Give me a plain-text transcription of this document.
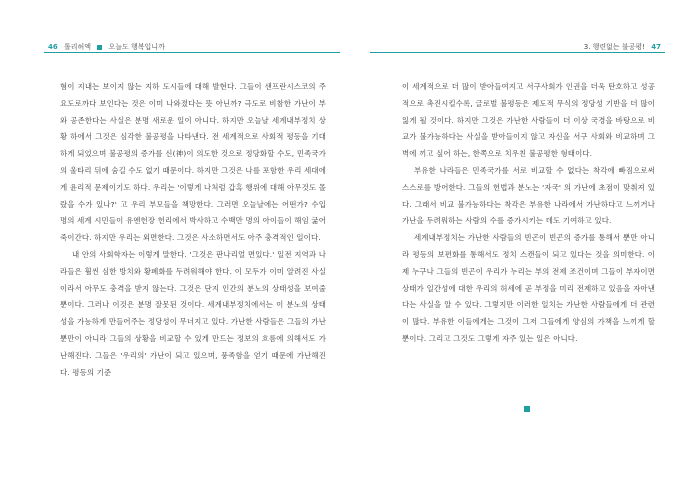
46 톨리허엑 오늘도 행복입니까	3. 행련없는 불공평! 47

혐이 지내는 보이지 않는 지하 도시들에 대해 발현다. 그들이 샌프란시스코의 주요도로까다 보인다는 것은 이미 나와졌다는 뜻 아닌까? 극도로 비참한 가난이 부와 공존한다는 사실은 분명 새로운 일이 아니다. 하지만 오늘날 세계내부정치 상황 하에서 그것은 심각한 불공평을 나타낸다. 전 세계적으로 사회적 평등을 기대하게 되었으며 불공평의 증가를 신(神)이 의도한 것으로 정당화할 수도, 민족국가의 울타리 뒤에 숨길 수도 없기 때문이다. 하지만 그것은 나를 포함한 우리 세대에게 윤리적 문제이기도 하다. 우리는 '이렇게 나처럼 갑흑 행위에 대해 아무것도 몰랐을 수가 있나?' 고 우리 부모들을 책망한다. 그러면 오늘날에는 어떤가? 수입 명의 세계 시민들이 유엔헌장 헌리에서 박사하고 수백만 명의 아이들이 해임 굶어 죽이간다. 하지만 우리는 외면한다. 그것은 사소하면서도 아주 충격적인 일이다.

내 안의 사회학자는 이렇게 말한다. '그것은 판나리얼 면있다.' 일전 지역과 나라들은 훨씬 심한 방치와 황폐화를 두려워해야 한다. 이 모두가 이미 알려진 사실이라서 아무도 충격을 받지 않는다. 그것은 단지 인간의 분노의 상태성을 보여줄 뿐이다. 그러나 이것은 분명 잘못된 것이다. 세계내부정치에서는 이 분노의 상태성을 가능하게 만들어주는 정당성이 무너지고 있다. 가난한 사람들은 그들의 가난뿐만이 아니라 그들의 상황을 비교할 수 있게 만드는 정보의 흐름에 의해서도 가난해진다. 그들은 '우리의' 가난이 되고 있으며, 풍족함을 얻기 때문에 가난해진다. 평등의 기준

이 세계적으로 더 많이 받아들여지고 서구사회가 인권을 더욱 탄호하고 성공적으로 촉진시킬수록, 글로벌 불평등은 제도적 무식의 정당성 기반을 더 많이 잃게 될 것이다. 하지만 그것은 가난한 사람들이 더 이상 국경을 바탕으로 비교가 불가능하다는 사실을 받아들이지 않고 자신을 서구 사회와 비교하며 그 벽에 끼고 싶어 하는, 한쪽으로 치우친 불공평한 형태이다.

부유한 나라들은 민족국가를 서로 비교할 수 없다는 착각에 빠짐으로써 스스로를 방어한다. 그들의 헌법과 분노는 '자국' 의 가난에 초점이 맞춰져 있다. 그래서 비교 불가능하다는 착각은 부유한 나라에서 가난하다고 느끼거나 가난을 두려워하는 사람의 수를 증가시키는 데도 기여하고 있다.

세계내부정치는 가난한 사람들의 빈곤이 빈곤의 증가를 통해서 뿐만 아니라 평등의 보편화를 통해서도 정치 스캔들이 되고 있다는 것을 의미한다. 이제 누구나 그들의 빈곤이 우리가 누리는 부의 전제 조건이며 그들이 부자이면 상태가 일간성에 대한 우리의 허세에 곧 부정을 미리 전제하고 있음을 자아낸다는 사실을 알 수 있다. 그렇지만 이러한 일치는 가난한 사람들에게 더 관련이 많다. 부유한 이들에게는 그것이 그저 그들에게 양심의 가책을 느끼게 할뿐이다. 그리고 그것도 그렇게 자주 있는 일은 아니다.
